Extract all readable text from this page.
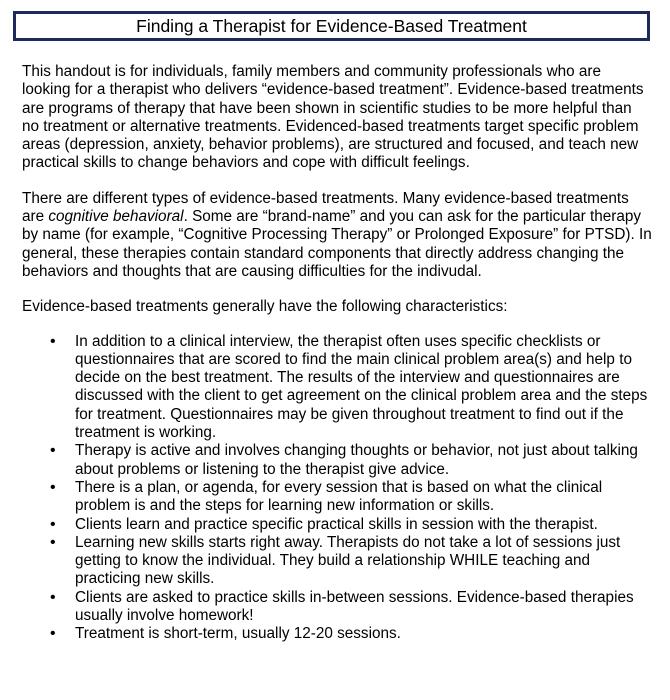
Finding a Therapist for Evidence-Based Treatment

This handout is for individuals, family members and community professionals who are looking for a therapist who delivers “evidence-based treatment”. Evidence-based treatments are programs of therapy that have been shown in scientific studies to be more helpful than no treatment or alternative treatments. Evidenced-based treatments target specific problem areas (depression, anxiety, behavior problems), are structured and focused, and teach new practical skills to change behaviors and cope with difficult feelings.

There are different types of evidence-based treatments. Many evidence-based treatments are cognitive behavioral. Some are “brand-name” and you can ask for the particular therapy by name (for example, “Cognitive Processing Therapy” or Prolonged Exposure” for PTSD). In general, these therapies contain standard components that directly address changing the behaviors and thoughts that are causing difficulties for the indivudal.

Evidence-based treatments generally have the following characteristics:

• In addition to a clinical interview, the therapist often uses specific checklists or questionnaires that are scored to find the main clinical problem area(s) and help to decide on the best treatment. The results of the interview and questionnaires are discussed with the client to get agreement on the clinical problem area and the steps for treatment. Questionnaires may be given throughout treatment to find out if the treatment is working.
• Therapy is active and involves changing thoughts or behavior, not just about talking about problems or listening to the therapist give advice.
• There is a plan, or agenda, for every session that is based on what the clinical problem is and the steps for learning new information or skills.
• Clients learn and practice specific practical skills in session with the therapist.
• Learning new skills starts right away. Therapists do not take a lot of sessions just getting to know the individual. They build a relationship WHILE teaching and practicing new skills.
• Clients are asked to practice skills in-between sessions. Evidence-based therapies usually involve homework!
• Treatment is short-term, usually 12-20 sessions.
